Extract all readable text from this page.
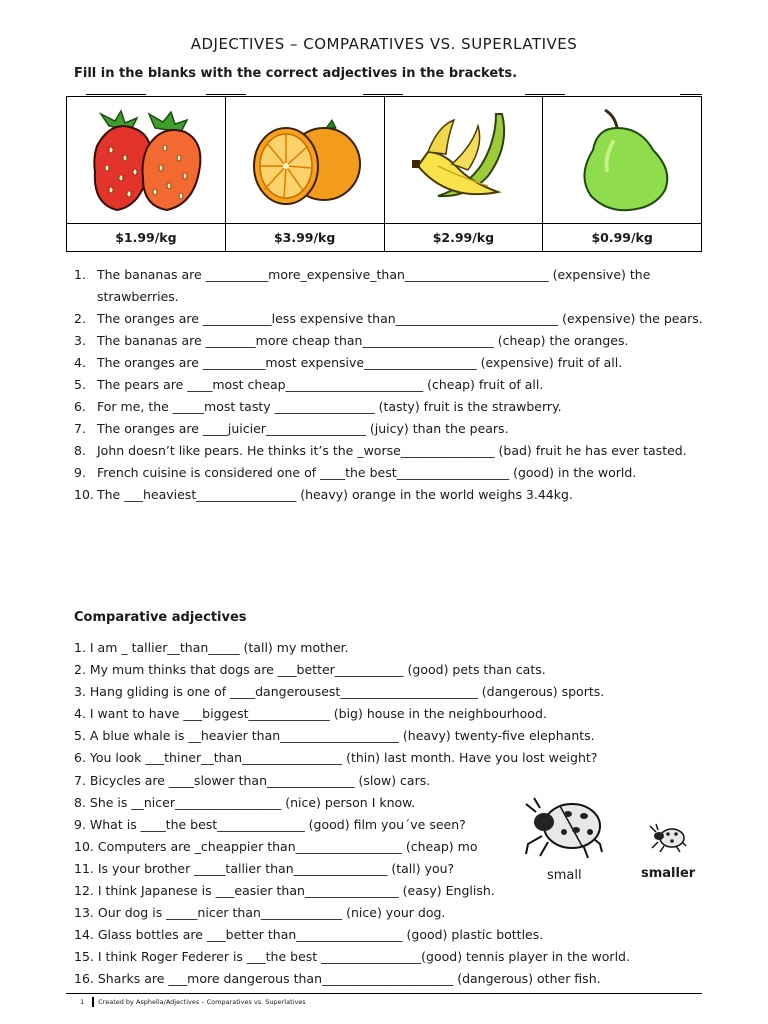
ADJECTIVES – COMPARATIVES VS. SUPERLATIVES
Fill in the blanks with the correct adjectives in the brackets.

$1.99/kg	$3.99/kg	$2.99/kg	$0.99/kg
1. The bananas are __________more_expensive_than_______________________ (expensive) the strawberries.
2. The oranges are ___________less expensive than__________________________ (expensive) the pears.
3. The bananas are ________more cheap than_____________________ (cheap) the oranges.
4. The oranges are __________most expensive__________________ (expensive) fruit of all.
5. The pears are ____most cheap______________________ (cheap) fruit of all.
6. For me, the _____most tasty ________________ (tasty) fruit is the strawberry.
7. The oranges are ____juicier________________ (juicy) than the pears.
8. John doesn’t like pears. He thinks it’s the _worse_______________ (bad) fruit he has ever tasted.
9. French cuisine is considered one of ____the best__________________ (good) in the world.
10. The ___heaviest________________ (heavy) orange in the world weighs 3.44kg.
Comparative adjectives
1. I am _ tallier__than_____ (tall) my mother.
2. My mum thinks that dogs are ___better___________ (good) pets than cats.
3. Hang gliding is one of ____dangerousest______________________ (dangerous) sports.
4. I want to have ___biggest_____________ (big) house in the neighbourhood.
5. A blue whale is __heavier than___________________ (heavy) twenty-five elephants.
6. You look ___thiner__than________________ (thin) last month. Have you lost weight?
7. Bicycles are ____slower than______________ (slow) cars.
8. She is __nicer_________________ (nice) person I know.
9. What is ____the best______________ (good) film you´ve seen?
10. Computers are _cheappier than_________________ (cheap) mo
11. Is your brother _____tallier than_______________ (tall) you?
12. I think Japanese is ___easier than_______________ (easy) English.
13. Our dog is _____nicer than_____________ (nice) your dog.
14. Glass bottles are ___better than_________________ (good) plastic bottles.
15. I think Roger Federer is ___the best ________________(good) tennis player in the world.
16. Sharks are ___more dangerous than_____________________ (dangerous) other fish.
small	smaller
1 Created by Asphelia/Adjectives – Comparatives vs. Superlatives
